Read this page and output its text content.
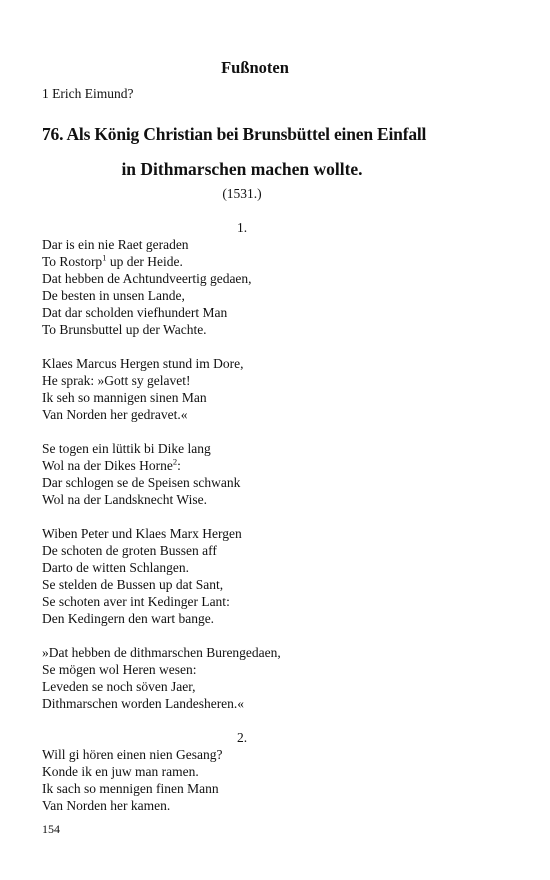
Fußnoten
1 Erich Eimund?
76. Als König Christian bei Brunsbüttel einen Einfall
in Dithmarschen machen wollte.
(1531.)
1.
Dar is ein nie Raet geraden
To Rostorp$^1$ up der Heide.
Dat hebben de Achtundveertig gedaen,
De besten in unsen Lande,
Dat dar scholden viefhundert Man
To Brunsbuttel up der Wachte.
Klaes Marcus Hergen stund im Dore,
He sprak: »Gott sy gelavet!
Ik seh so mannigen sinen Man
Van Norden her gedravet.«
Se togen ein lüttik bi Dike lang
Wol na der Dikes Horne$^2$:
Dar schlogen se de Speisen schwank
Wol na der Landsknecht Wise.
Wiben Peter und Klaes Marx Hergen
De schoten de groten Bussen aff
Darto de witten Schlangen.
Se stelden de Bussen up dat Sant,
Se schoten aver int Kedinger Lant:
Den Kedingern den wart bange.
»Dat hebben de dithmarschen Burengedaen,
Se mögen wol Heren wesen:
Leveden se noch söven Jaer,
Dithmarschen worden Landesheren.«
2.
Will gi hören einen nien Gesang?
Konde ik en juw man ramen.
Ik sach so mennigen finen Mann
Van Norden her kamen.
154
